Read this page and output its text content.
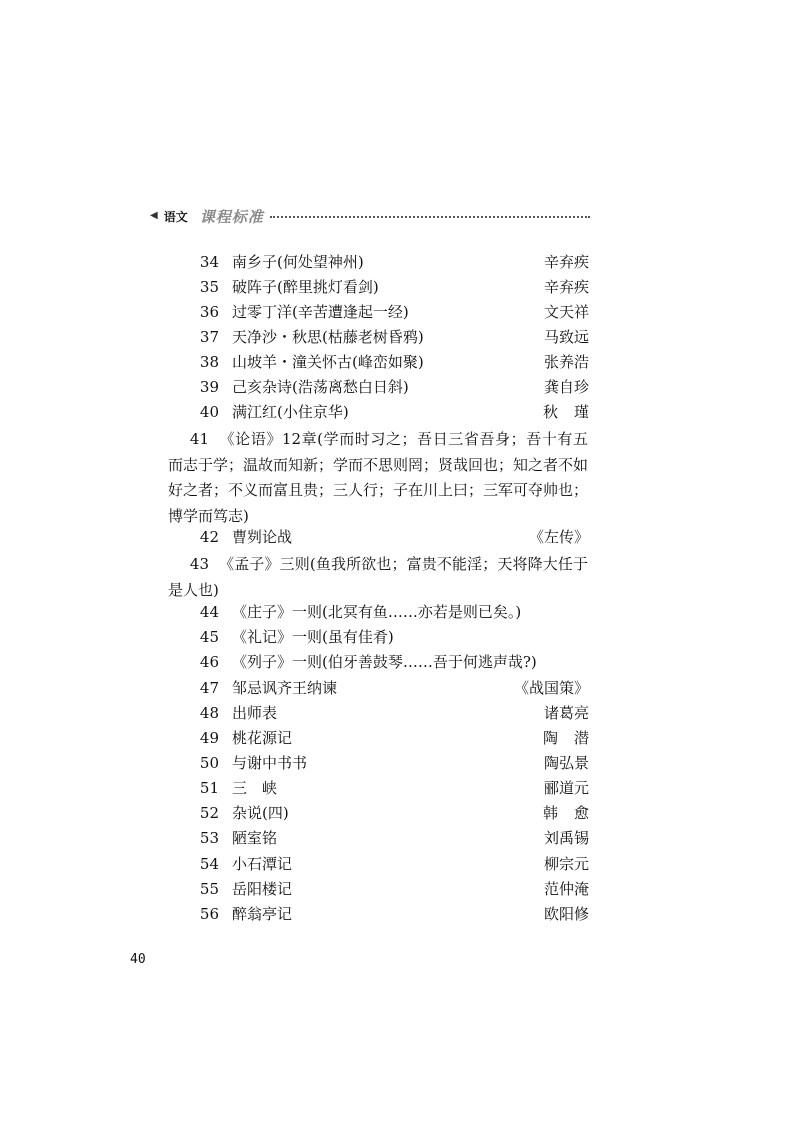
◀ 语文 课程标准
34 南乡子(何处望神州)	辛弃疾
35 破阵子(醉里挑灯看剑)	辛弃疾
36 过零丁洋(辛苦遭逢起一经)	文天祥
37 天净沙・秋思(枯藤老树昏鸦)	马致远
38 山坡羊・潼关怀古(峰峦如聚)	张养浩
39 己亥杂诗(浩荡离愁白日斜)	龚自珍
40 满江红(小住京华)	秋瑾
41 《论语》12章(学而时习之；吾日三省吾身；吾十有五而志于学；温故而知新；学而不思则罔；贤哉回也；知之者不如好之者；不义而富且贵；三人行；子在川上曰；三军可夺帅也；博学而笃志)
42 曹刿论战	《左传》
43 《孟子》三则(鱼我所欲也；富贵不能淫；天将降大任于是人也)
44 《庄子》一则(北冥有鱼……亦若是则已矣。)
45 《礼记》一则(虽有佳肴)
46 《列子》一则(伯牙善鼓琴……吾于何逃声哉?)
47 邹忌讽齐王纳谏	《战国策》
48 出师表	诸葛亮
49 桃花源记	陶潜
50 与谢中书书	陶弘景
51 三　峡	郦道元
52 杂说(四)	韩愈
53 陋室铭	刘禹锡
54 小石潭记	柳宗元
55 岳阳楼记	范仲淹
56 醉翁亭记	欧阳修
40
